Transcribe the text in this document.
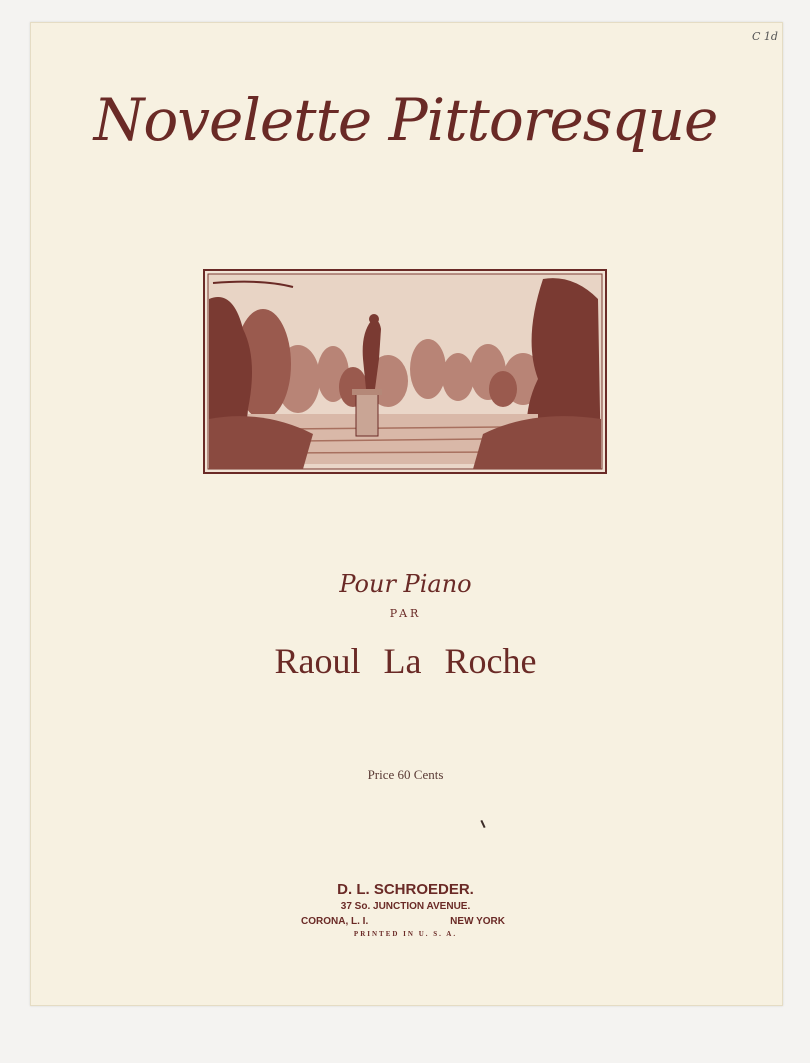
C 1d
Novelette Pittoresque
Pour Piano
PAR
Raoul La Roche
Price 60 Cents
D. L. SCHROEDER.
37 So. JUNCTION AVENUE.
CORONA, L. I.	NEW YORK
PRINTED IN U. S. A.
